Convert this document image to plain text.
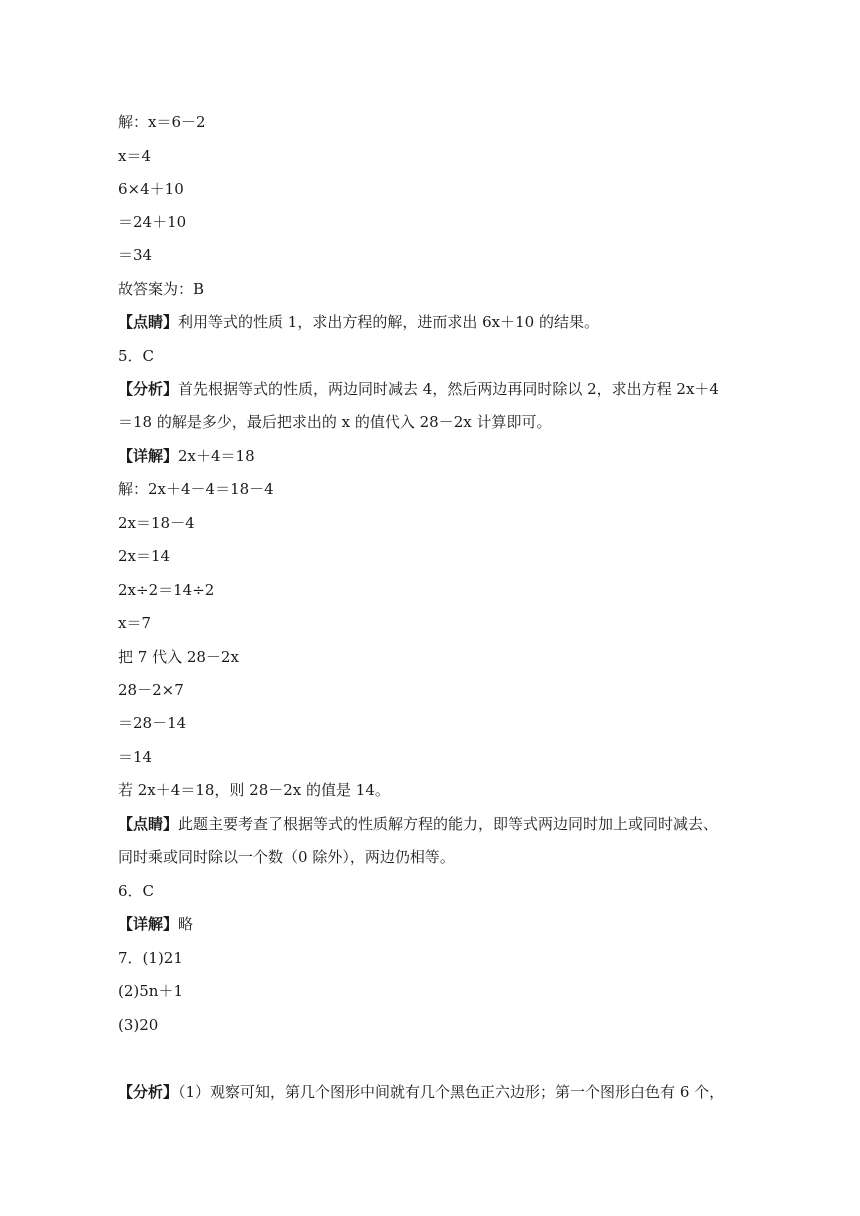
解：x＝6－2
x＝4
6×4＋10
＝24＋10
＝34
故答案为：B
【点睛】利用等式的性质 1，求出方程的解，进而求出 6x＋10 的结果。
5．C
【分析】首先根据等式的性质，两边同时减去 4，然后两边再同时除以 2，求出方程 2x＋4
＝18 的解是多少，最后把求出的 x 的值代入 28－2x 计算即可。
【详解】2x＋4＝18
解：2x＋4－4＝18－4
2x＝18－4
2x＝14
2x÷2＝14÷2
x＝7
把 7 代入 28－2x
28－2×7
＝28－14
＝14
若 2x＋4＝18，则 28－2x 的值是 14。
【点睛】此题主要考查了根据等式的性质解方程的能力，即等式两边同时加上或同时减去、
同时乘或同时除以一个数（0 除外），两边仍相等。
6．C
【详解】略
7．(1)21
(2)5n＋1
(3)20
【分析】（1）观察可知，第几个图形中间就有几个黑色正六边形；第一个图形白色有 6 个，
